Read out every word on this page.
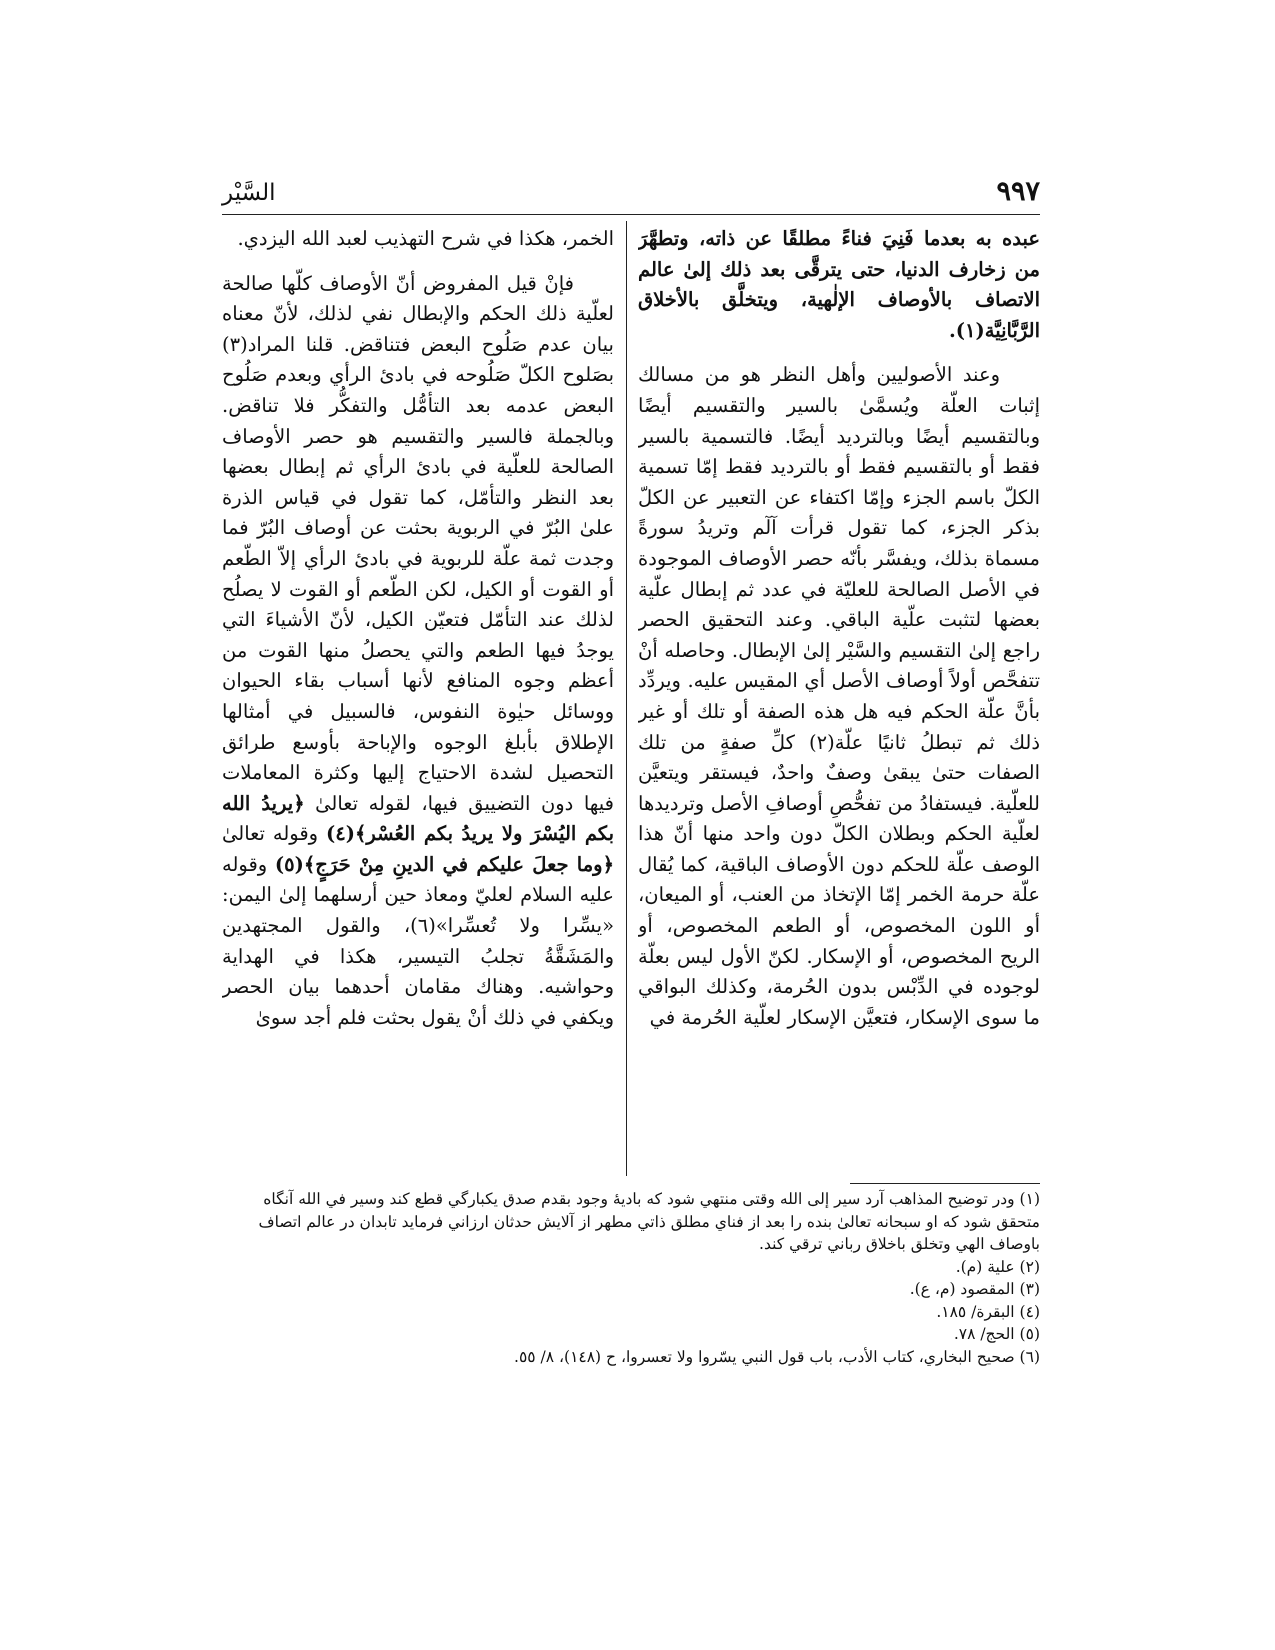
٩٩٧
السَّيْر

عبده به بعدما فَنِيَ فناءً مطلقًا عن ذاته، وتطهَّرَ من زخارف الدنيا، حتى يترقَّى بعد ذلك إلىٰ عالم الاتصاف بالأوصاف الإلٰهية، ويتخلَّق بالأخلاق الرَّبَّانِيَّة(١).

وعند الأصوليين وأهل النظر هو من مسالك إثبات العلّة ويُسمَّىٰ بالسير والتقسيم أيضًا وبالتقسيم أيضًا وبالترديد أيضًا. فالتسمية بالسير فقط أو بالتقسيم فقط أو بالترديد فقط إمّا تسمية الكلّ باسم الجزء وإمّا اكتفاء عن التعبير عن الكلّ بذكر الجزء، كما تقول قرأت آلٓم وتريدُ سورةً مسماة بذلك، ويفسَّر بأنّه حصر الأوصاف الموجودة في الأصل الصالحة للعليّة في عدد ثم إبطال علّية بعضها لتثبت علّية الباقي. وعند التحقيق الحصر راجع إلىٰ التقسيم والسَّيْر إلىٰ الإبطال. وحاصله أنْ تتفحَّص أولاً أوصاف الأصل أي المقيس عليه. ويردِّد بأنَّ علّة الحكم فيه هل هذه الصفة أو تلك أو غير ذلك ثم تبطلُ ثانيًا علّة(٢) كلِّ صفةٍ من تلك الصفات حتىٰ يبقىٰ وصفٌ واحدٌ، فيستقر ويتعيَّن للعلّية. فيستفادُ من تفحُّصِ أوصافِ الأصل وترديدها لعلّية الحكم وبطلان الكلّ دون واحد منها أنّ هذا الوصف علّة للحكم دون الأوصاف الباقية، كما يُقال علّة حرمة الخمر إمّا الإتخاذ من العنب، أو الميعان، أو اللون المخصوص، أو الطعم المخصوص، أو الريح المخصوص، أو الإسكار. لكنّ الأول ليس بعلّة لوجوده في الدِّبْس بدون الحُرمة، وكذلك البواقي ما سوى الإسكار، فتعيَّن الإسكار لعلّية الحُرمة في

الخمر، هكذا في شرح التهذيب لعبد الله اليزدي.

فإنْ قيل المفروض أنّ الأوصاف كلّها صالحة لعلّية ذلك الحكم والإبطال نفي لذلك، لأنّ معناه بيان عدم صَلُوح البعض فتناقض. قلنا المراد(٣) بصَلوح الكلّ صَلُوحه في بادئ الرأي وبعدم صَلُوح البعض عدمه بعد التأمُّل والتفكُّر فلا تناقض. وبالجملة فالسير والتقسيم هو حصر الأوصاف الصالحة للعلّية في بادئ الرأي ثم إبطال بعضها بعد النظر والتأمّل، كما تقول في قياس الذرة علىٰ البُرّ في الربوية بحثت عن أوصاف البُرّ فما وجدت ثمة علّة للربوية في بادئ الرأي إلاّ الطّعم أو القوت أو الكيل، لكن الطّعم أو القوت لا يصلُح لذلك عند التأمّل فتعيّن الكيل، لأنّ الأشياءَ التي يوجدُ فيها الطعم والتي يحصلُ منها القوت من أعظم وجوه المنافع لأنها أسباب بقاء الحيوان ووسائل حيٰوة النفوس، فالسبيل في أمثالها الإطلاق بأبلغ الوجوه والإباحة بأوسع طرائق التحصيل لشدة الاحتياج إليها وكثرة المعاملات فيها دون التضييق فيها، لقوله تعالىٰ ﴿يريدُ الله بكم اليُسْرَ ولا يريدُ بكم العُسْر﴾(٤) وقوله تعالىٰ ﴿وما جعلَ عليكم في الدينِ مِنْ حَرَجٍ﴾(٥) وقوله عليه السلام لعليّ ومعاذ حين أرسلهما إلىٰ اليمن: «يسِّرا ولا تُعسِّرا»(٦)، والقول المجتهدين والمَشَقَّةُ تجلبُ التيسير، هكذا في الهداية وحواشيه. وهناك مقامان أحدهما بيان الحصر ويكفي في ذلك أنْ يقول بحثت فلم أجد سوىٰ

(١) ودر توضيح المذاهب آرد سير إلى الله وقتى منتهي شود كه باديهٔ وجود بقدم صدق يكبارگي قطع كند وسير في الله آنگاه متحقق شود كه او سبحانه تعالىٰ بنده را بعد از فناي مطلق ذاتي مطهر از آلايش حدثان ارزاني فرمايد تابدان در عالم اتصاف باوصاف الهي وتخلق باخلاق رباني ترقي كند.

(٢) علية (م).

(٣) المقصود (م، ع).

(٤) البقرة/ ١٨٥.

(٥) الحج/ ٧٨.

(٦) صحيح البخاري، كتاب الأدب، باب قول النبي يسّروا ولا تعسروا، ح (١٤٨)، ٨/ ٥٥.
